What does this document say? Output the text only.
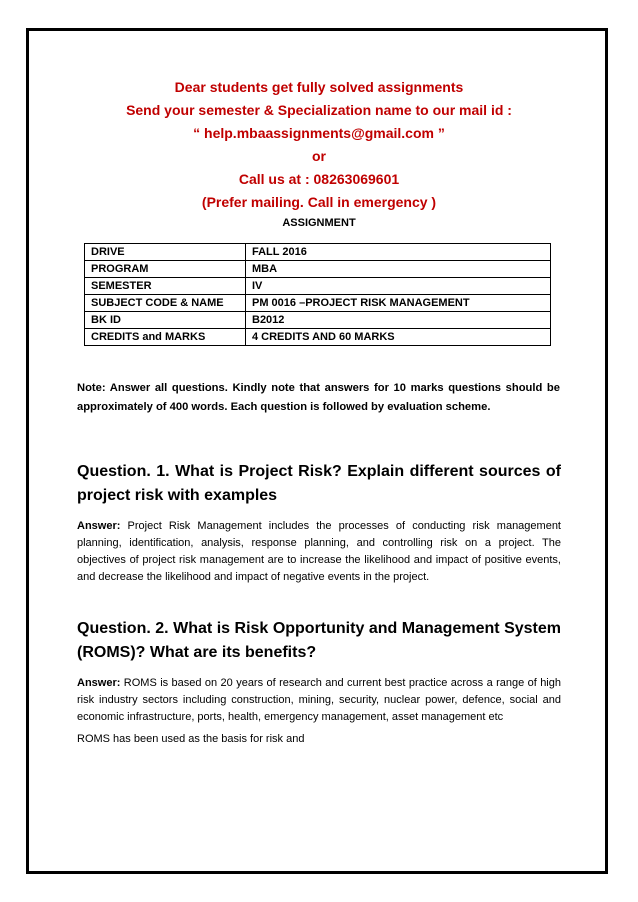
Dear students get fully solved assignments
Send your semester & Specialization name to our mail id :
“ help.mbaassignments@gmail.com ”
or
Call us at : 08263069601
(Prefer mailing. Call in emergency )
ASSIGNMENT
DRIVE	FALL 2016
PROGRAM	MBA
SEMESTER	IV
SUBJECT CODE & NAME	PM 0016 –PROJECT RISK MANAGEMENT
BK ID	B2012
CREDITS and MARKS	4 CREDITS AND 60 MARKS
Note: Answer all questions. Kindly note that answers for 10 marks questions should be approximately of 400 words. Each question is followed by evaluation scheme.
Question. 1. What is Project Risk? Explain different sources of project risk with examples
Answer: Project Risk Management includes the processes of conducting risk management planning, identification, analysis, response planning, and controlling risk on a project. The objectives of project risk management are to increase the likelihood and impact of positive events, and decrease the likelihood and impact of negative events in the project.
Question. 2. What is Risk Opportunity and Management System (ROMS)? What are its benefits?
Answer: ROMS is based on 20 years of research and current best practice across a range of high risk industry sectors including construction, mining, security, nuclear power, defence, social and economic infrastructure, ports, health, emergency management, asset management etc
ROMS has been used as the basis for risk and
